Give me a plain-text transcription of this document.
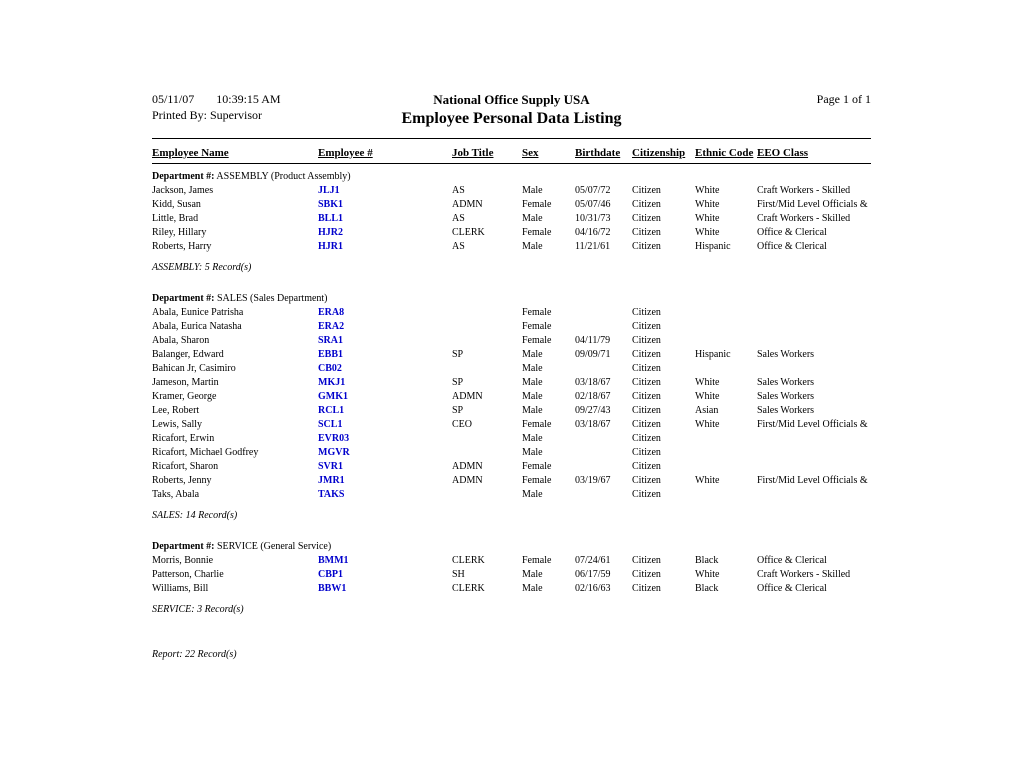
05/11/07 10:39:15 AM
Printed By: Supervisor
National Office Supply USA
Employee Personal Data Listing
Page 1 of 1
Employee Name	Employee #	Job Title	Sex	Birthdate	Citizenship	Ethnic Code	EEO Class
Department #: ASSEMBLY (Product Assembly)							
Jackson, James	JLJ1	AS	Male	05/07/72	Citizen	White	Craft Workers - Skilled
Kidd, Susan	SBK1	ADMN	Female	05/07/46	Citizen	White	First/Mid Level Officials &
Little, Brad	BLL1	AS	Male	10/31/73	Citizen	White	Craft Workers - Skilled
Riley, Hillary	HJR2	CLERK	Female	04/16/72	Citizen	White	Office & Clerical
Roberts, Harry	HJR1	AS	Male	11/21/61	Citizen	Hispanic	Office & Clerical
ASSEMBLY: 5 Record(s)							
Department #: SALES (Sales Department)							
Abala, Eunice Patrisha	ERA8		Female		Citizen		
Abala, Eurica Natasha	ERA2		Female		Citizen		
Abala, Sharon	SRA1		Female	04/11/79	Citizen		
Balanger, Edward	EBB1	SP	Male	09/09/71	Citizen	Hispanic	Sales Workers
Bahican Jr, Casimiro	CB02		Male		Citizen		
Jameson, Martin	MKJ1	SP	Male	03/18/67	Citizen	White	Sales Workers
Kramer, George	GMK1	ADMN	Male	02/18/67	Citizen	White	Sales Workers
Lee, Robert	RCL1	SP	Male	09/27/43	Citizen	Asian	Sales Workers
Lewis, Sally	SCL1	CEO	Female	03/18/67	Citizen	White	First/Mid Level Officials &
Ricafort, Erwin	EVR03		Male		Citizen		
Ricafort, Michael Godfrey	MGVR		Male		Citizen		
Ricafort, Sharon	SVR1	ADMN	Female		Citizen		
Roberts, Jenny	JMR1	ADMN	Female	03/19/67	Citizen	White	First/Mid Level Officials &
Taks, Abala	TAKS		Male		Citizen		
SALES: 14 Record(s)							
Department #: SERVICE (General Service)							
Morris, Bonnie	BMM1	CLERK	Female	07/24/61	Citizen	Black	Office & Clerical
Patterson, Charlie	CBP1	SH	Male	06/17/59	Citizen	White	Craft Workers - Skilled
Williams, Bill	BBW1	CLERK	Male	02/16/63	Citizen	Black	Office & Clerical
SERVICE: 3 Record(s)							
Report: 22 Record(s)
